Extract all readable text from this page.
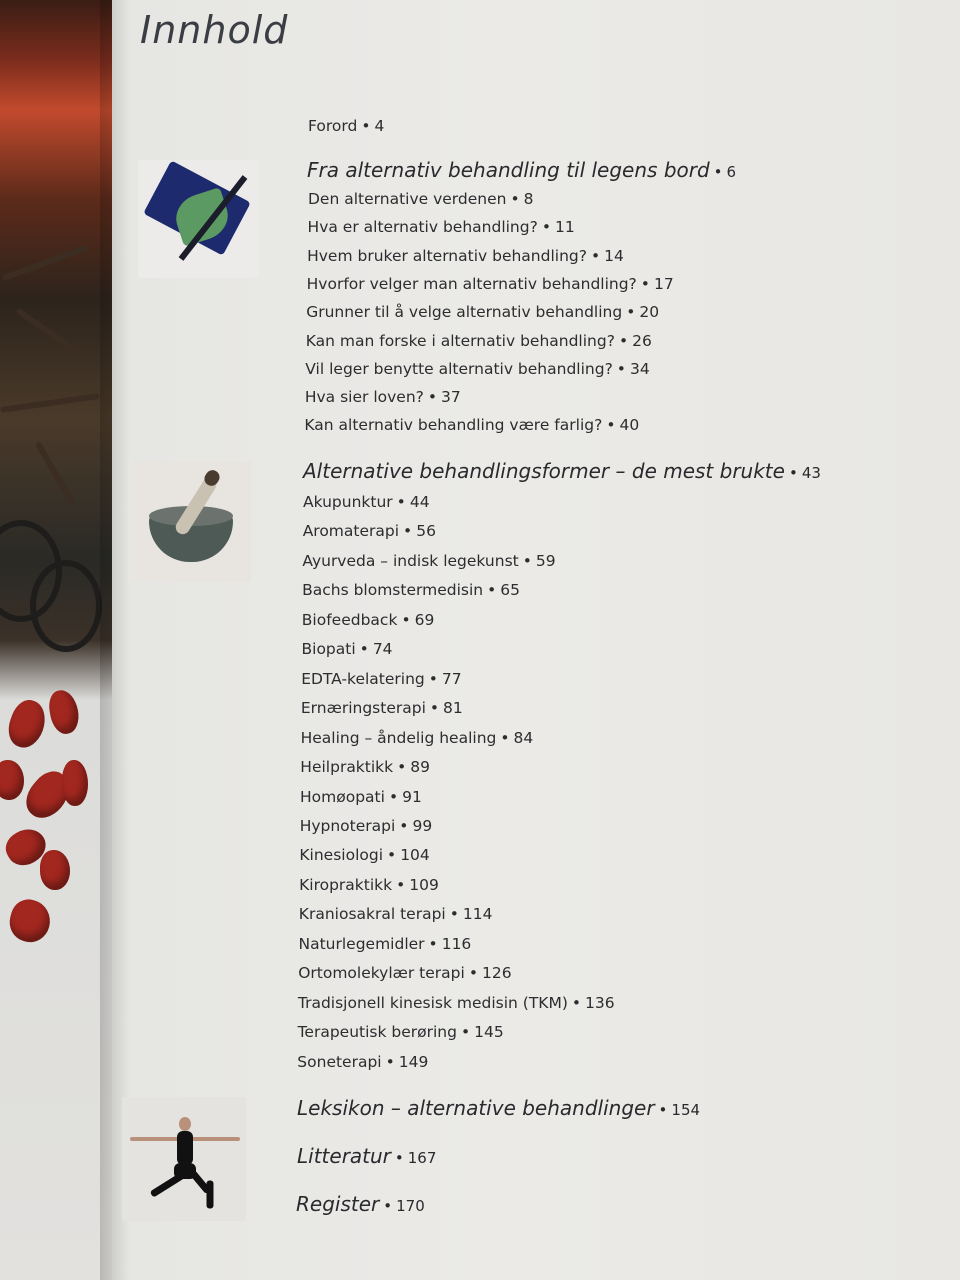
Innhold
Forord • 4
Fra alternativ behandling til legens bord • 6
Den alternative verdenen • 8
Hva er alternativ behandling? • 11
Hvem bruker alternativ behandling? • 14
Hvorfor velger man alternativ behandling? • 17
Grunner til å velge alternativ behandling • 20
Kan man forske i alternativ behandling? • 26
Vil leger benytte alternativ behandling? • 34
Hva sier loven? • 37
Kan alternativ behandling være farlig? • 40
Alternative behandlingsformer – de mest brukte • 43
Akupunktur • 44
Aromaterapi • 56
Ayurveda – indisk legekunst • 59
Bachs blomstermedisin • 65
Biofeedback • 69
Biopati • 74
EDTA-kelatering • 77
Ernæringsterapi • 81
Healing – åndelig healing • 84
Heilpraktikk • 89
Homøopati • 91
Hypnoterapi • 99
Kinesiologi • 104
Kiropraktikk • 109
Kraniosakral terapi • 114
Naturlegemidler • 116
Ortomolekylær terapi • 126
Tradisjonell kinesisk medisin (TKM) • 136
Terapeutisk berøring • 145
Soneterapi • 149
Leksikon – alternative behandlinger • 154
Litteratur • 167
Register • 170
